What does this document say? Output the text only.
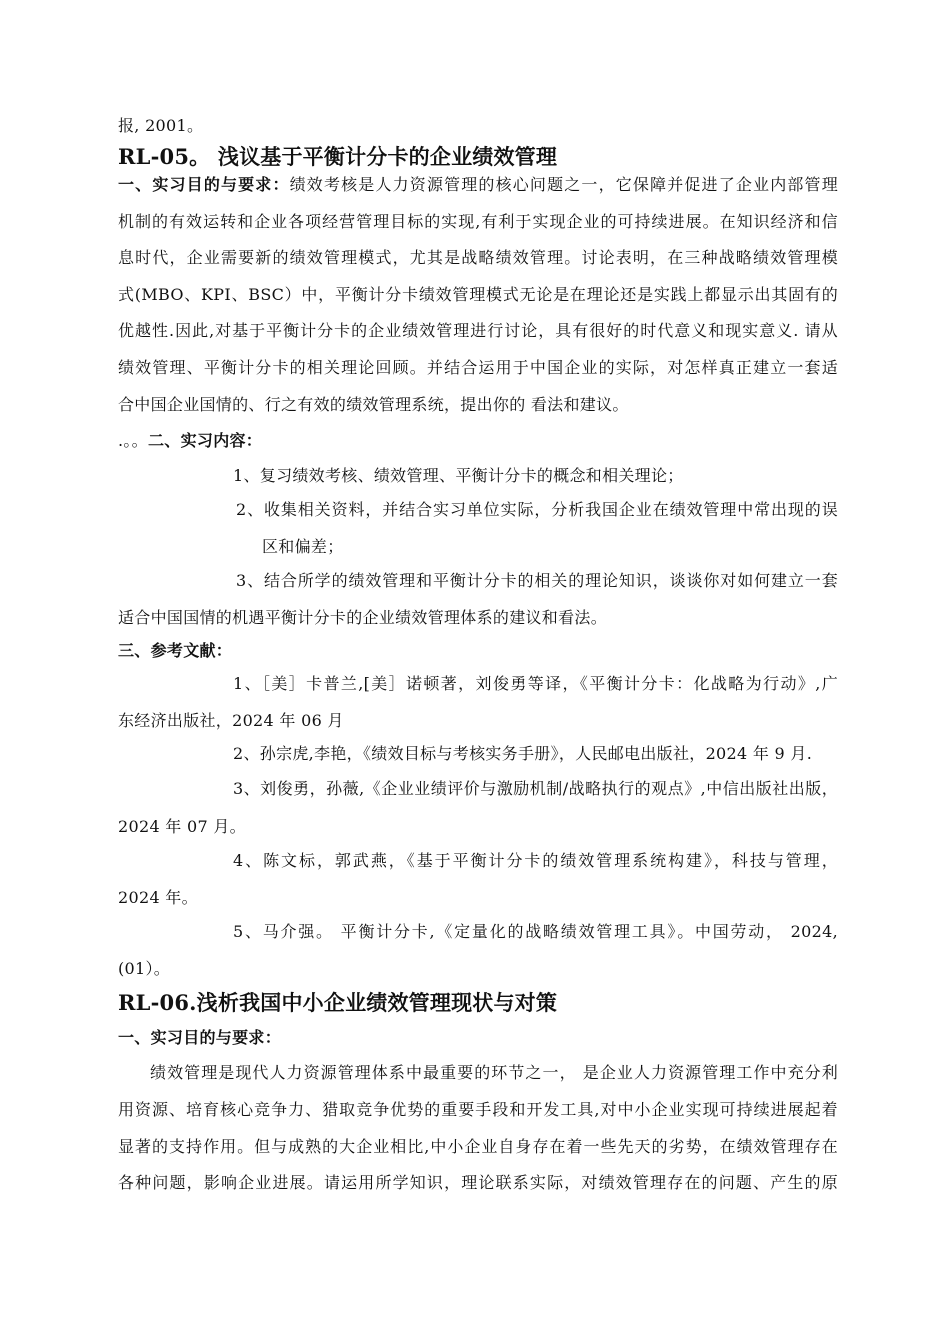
报, 2001。
RL-05。 浅议基于平衡计分卡的企业绩效管理
一、实习目的与要求：绩效考核是人力资源管理的核心问题之一，它保障并促进了企业内部管理
机制的有效运转和企业各项经营管理目标的实现,有利于实现企业的可持续进展。在知识经济和信
息时代，企业需要新的绩效管理模式，尤其是战略绩效管理。讨论表明，在三种战略绩效管理模
式(MBO、KPI、BSC）中，平衡计分卡绩效管理模式无论是在理论还是实践上都显示出其固有的
优越性.因此,对基于平衡计分卡的企业绩效管理进行讨论，具有很好的时代意义和现实意义. 请从
绩效管理、平衡计分卡的相关理论回顾。并结合运用于中国企业的实际，对怎样真正建立一套适
合中国企业国情的、行之有效的绩效管理系统，提出你的 看法和建议。
.。。二、实习内容：
1、复习绩效考核、绩效管理、平衡计分卡的概念和相关理论；
2、收集相关资料，并结合实习单位实际，分析我国企业在绩效管理中常出现的误
区和偏差；
3、结合所学的绩效管理和平衡计分卡的相关的理论知识，谈谈你对如何建立一套
适合中国国情的机遇平衡计分卡的企业绩效管理体系的建议和看法。
三、参考文献：
1、［美］卡普兰,[美］诺顿著，刘俊勇等译，《平衡计分卡：化战略为行动》,广
东经济出版社，2024 年 06 月
2、孙宗虎,李艳，《绩效目标与考核实务手册》，人民邮电出版社，2024 年 9 月.
3、刘俊勇，孙薇,《企业业绩评价与激励机制/战略执行的观点》,中信出版社出版，
2024 年 07 月。
4、陈文标，郭武燕，《基于平衡计分卡的绩效管理系统构建》，科技与管理，
2024 年。
5、马介强。 平衡计分卡,《定量化的战略绩效管理工具》。中国劳动， 2024,
(01）。
RL-06.浅析我国中小企业绩效管理现状与对策
一、实习目的与要求：
绩效管理是现代人力资源管理体系中最重要的环节之一， 是企业人力资源管理工作中充分利
用资源、培育核心竞争力、猎取竞争优势的重要手段和开发工具,对中小企业实现可持续进展起着
显著的支持作用。但与成熟的大企业相比,中小企业自身存在着一些先天的劣势，在绩效管理存在
各种问题，影响企业进展。请运用所学知识，理论联系实际，对绩效管理存在的问题、产生的原
